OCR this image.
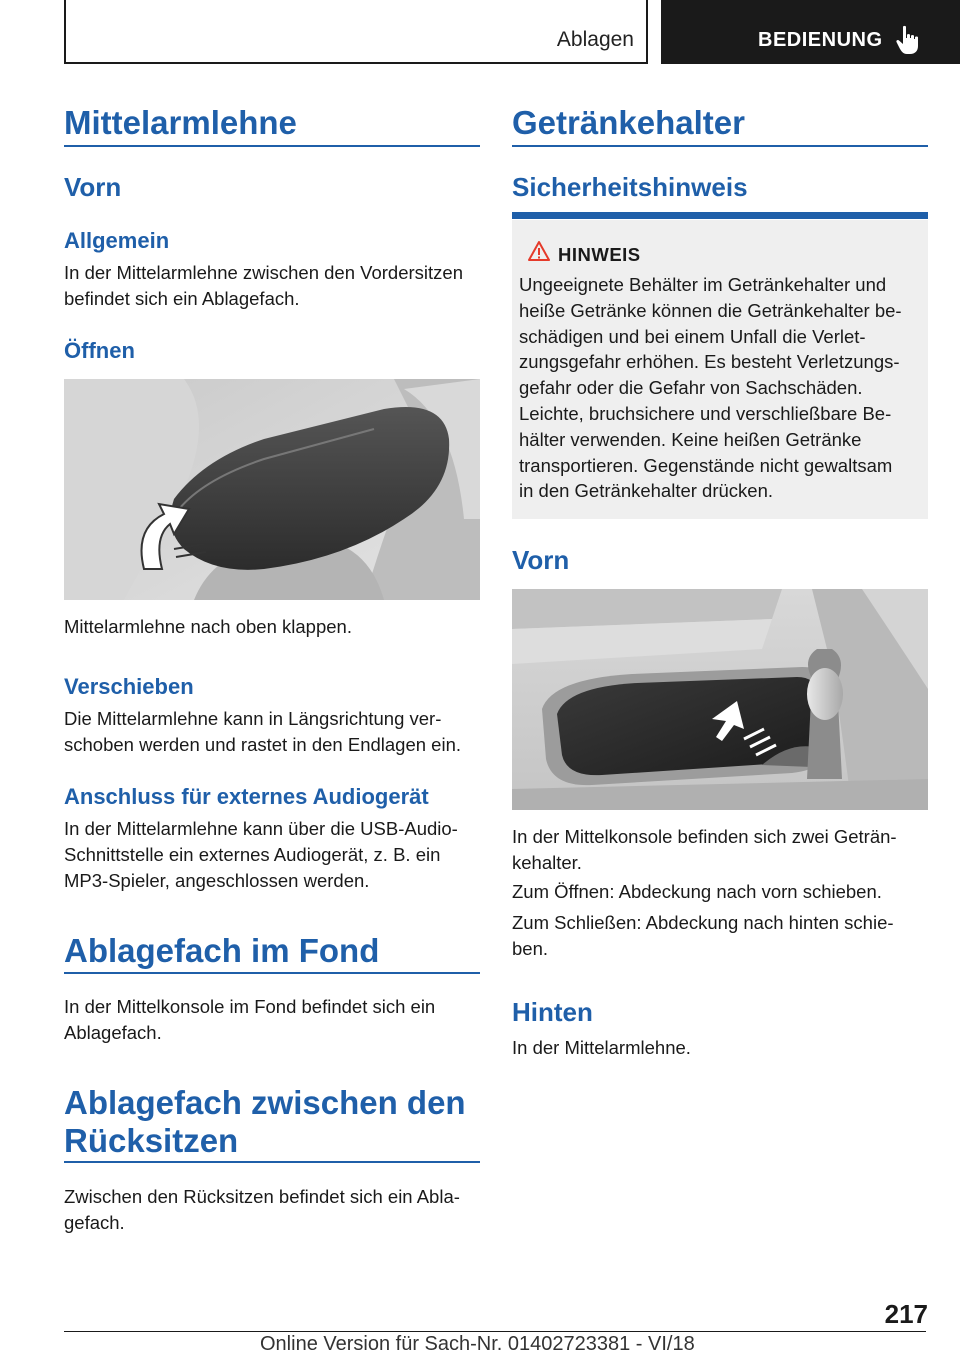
Ablagen	BEDIENUNG
Mittelarmlehne
Vorn
Allgemein

In der Mittelarmlehne zwischen den Vordersitzen

befindet sich ein Ablagefach.

Öffnen

Mittelarmlehne nach oben klappen.

Verschieben

Die Mittelarmlehne kann in Längsrichtung ver‐

schoben werden und rastet in den Endlagen ein.

Anschluss für externes Audiogerät

In der Mittelarmlehne kann über die USB-Audio-

Schnittstelle ein externes Audiogerät, z. B. ein

MP3-Spieler, angeschlossen werden.

Ablagefach im Fond

In der Mittelkonsole im Fond befindet sich ein

Ablagefach.

Ablagefach zwischen den
Rücksitzen

Zwischen den Rücksitzen befindet sich ein Abla‐

gefach.

Getränkehalter
Sicherheitshinweis
HINWEIS
Ungeeignete Behälter im Getränkehalter und
heiße Getränke können die Getränkehalter be‐
schädigen und bei einem Unfall die Verlet‐
zungsgefahr erhöhen. Es besteht Verletzungs‐
gefahr oder die Gefahr von Sachschäden.
Leichte, bruchsichere und verschließbare Be‐
hälter verwenden. Keine heißen Getränke
transportieren. Gegenstände nicht gewaltsam
in den Getränkehalter drücken.
Vorn

In der Mittelkonsole befinden sich zwei Geträn‐

kehalter.

Zum Öffnen: Abdeckung nach vorn schieben.

Zum Schließen: Abdeckung nach hinten schie‐

ben.

Hinten

In der Mittelarmlehne.

217
Online Version für Sach-Nr. 01402723381 - VI/18
